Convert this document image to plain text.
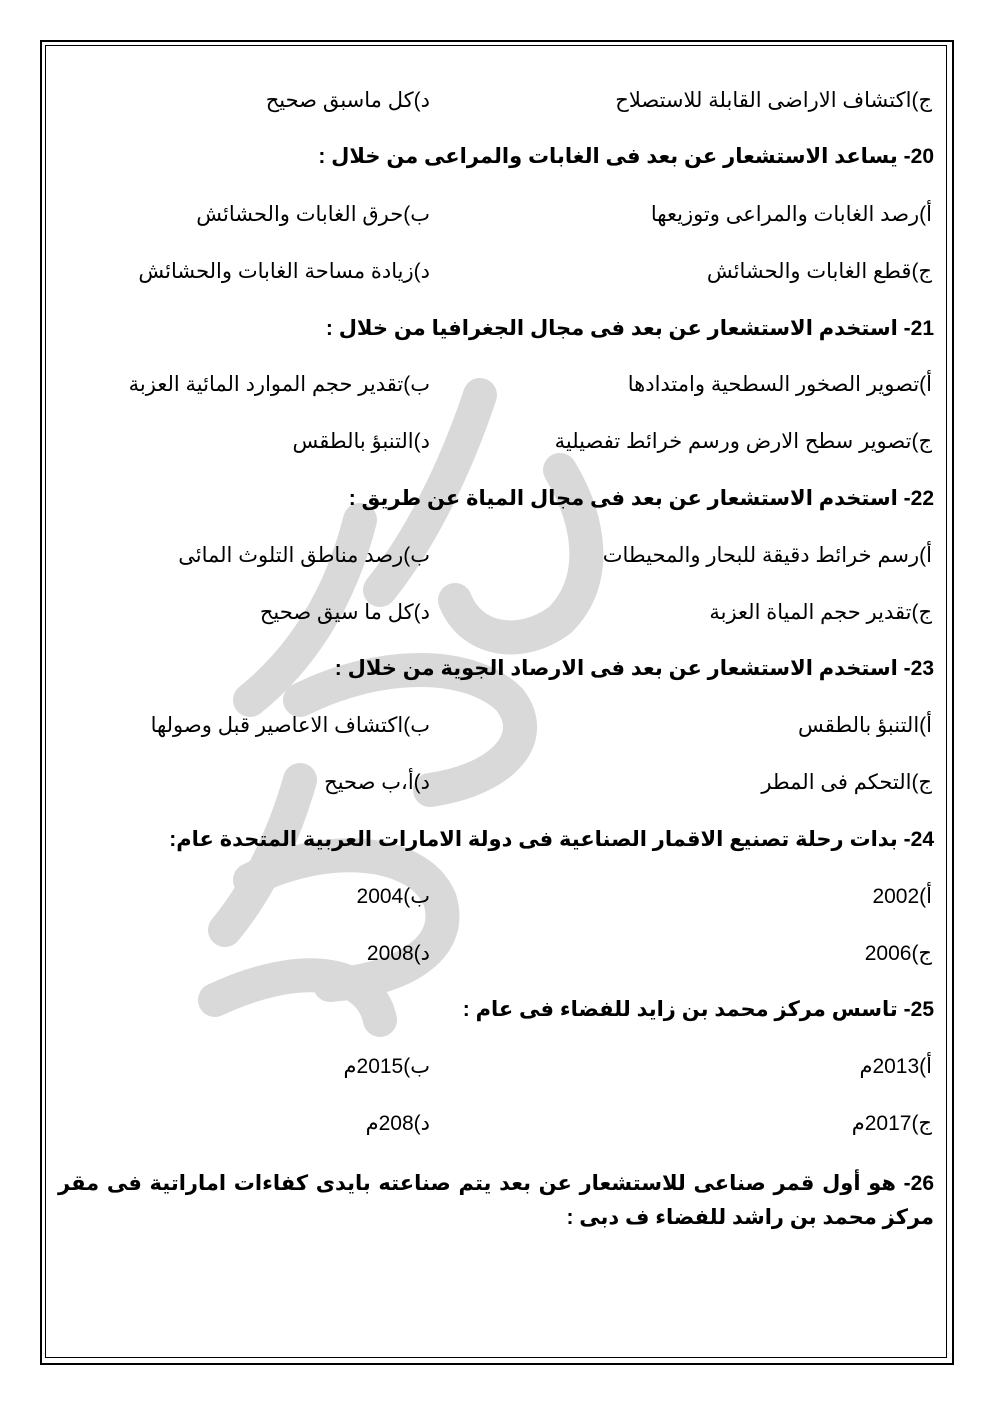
ج)اكتشاف الاراضى القابلة للاستصلاح
د)كل ماسبق صحيح
20- يساعد الاستشعار عن بعد فى الغابات والمراعى من خلال :
أ)رصد الغابات والمراعى وتوزيعها
ب)حرق الغابات والحشائش
ج)قطع الغابات والحشائش
د)زيادة مساحة الغابات والحشائش
21- استخدم الاستشعار عن بعد فى مجال الجغرافيا من خلال :
أ)تصوير الصخور السطحية وامتدادها
ب)تقدير حجم الموارد المائية العزبة
ج)تصوير سطح الارض ورسم خرائط تفصيلية
د)التنبؤ بالطقس
22- استخدم الاستشعار عن بعد فى مجال المياة عن طريق :
أ)رسم خرائط دقيقة للبحار والمحيطات
ب)رصد مناطق التلوث المائى
ج)تقدير حجم المياة العزبة
د)كل ما سيق صحيح
23- استخدم الاستشعار عن بعد فى الارصاد الجوية من خلال :
أ)التنبؤ بالطقس
ب)اكتشاف الاعاصير قبل وصولها
ج)التحكم فى المطر
د)أ،ب صحيح
24- بدات رحلة تصنيع الاقمار الصناعية فى دولة الامارات العربية المتحدة عام:
أ)2002
ب)2004
ج)2006
د)2008
25- تاسس مركز محمد بن زايد للفضاء فى عام :
أ)2013م
ب)2015م
ج)2017م
د)208م
26- هو أول قمر صناعى للاستشعار عن بعد يتم صناعته بايدى كفاءات اماراتية فى مقر مركز محمد بن راشد للفضاء ف دبى :
